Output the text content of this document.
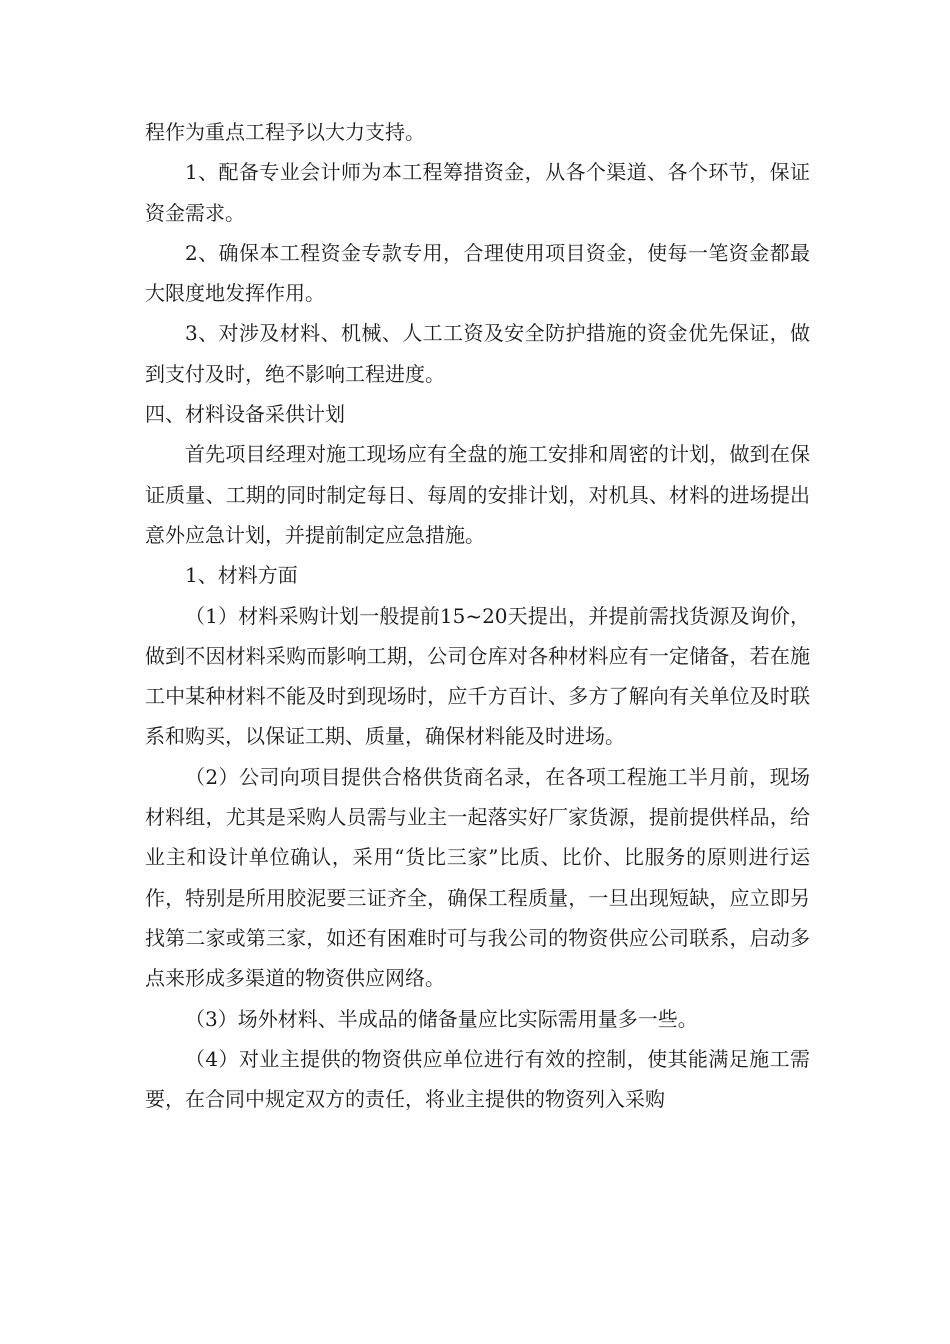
程作为重点工程予以大力支持。

1、配备专业会计师为本工程筹措资金，从各个渠道、各个环节，保证资金需求。

2、确保本工程资金专款专用，合理使用项目资金，使每一笔资金都最大限度地发挥作用。

3、对涉及材料、机械、人工工资及安全防护措施的资金优先保证，做到支付及时，绝不影响工程进度。

四、材料设备采供计划

首先项目经理对施工现场应有全盘的施工安排和周密的计划，做到在保证质量、工期的同时制定每日、每周的安排计划，对机具、材料的进场提出意外应急计划，并提前制定应急措施。

1、材料方面

（1）材料采购计划一般提前15~20天提出，并提前需找货源及询价，做到不因材料采购而影响工期，公司仓库对各种材料应有一定储备，若在施工中某种材料不能及时到现场时，应千方百计、多方了解向有关单位及时联系和购买，以保证工期、质量，确保材料能及时进场。

（2）公司向项目提供合格供货商名录，在各项工程施工半月前，现场材料组，尤其是采购人员需与业主一起落实好厂家货源，提前提供样品，给业主和设计单位确认，采用“货比三家”比质、比价、比服务的原则进行运作，特别是所用胶泥要三证齐全，确保工程质量，一旦出现短缺，应立即另找第二家或第三家，如还有困难时可与我公司的物资供应公司联系，启动多点来形成多渠道的物资供应网络。

（3）场外材料、半成品的储备量应比实际需用量多一些。

（4）对业主提供的物资供应单位进行有效的控制，使其能满足施工需要，在合同中规定双方的责任，将业主提供的物资列入采购
